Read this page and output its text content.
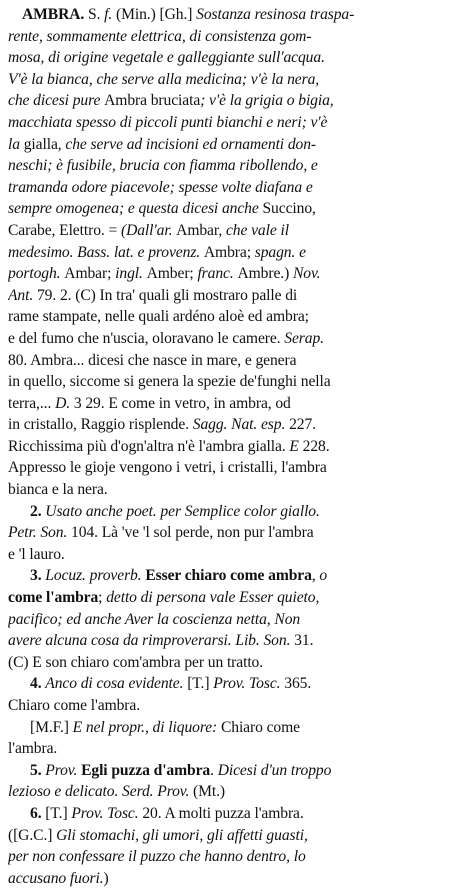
AMBRA. S. f. (Min.) [Gh.] Sostanza resinosa traspa-
rente, sommamente elettrica, di consistenza gom-
mosa, di origine vegetale e galleggiante sull'acqua.
V'è la bianca, che serve alla medicina; v'è la nera,
che dicesi pure Ambra bruciata; v'è la grigia o bigia,
macchiata spesso di piccoli punti bianchi e neri; v'è
la gialla, che serve ad incisioni ed ornamenti don-
neschi; è fusibile, brucia con fiamma ribollendo, e
tramanda odore piacevole; spesse volte diafana e
sempre omogenea; e questa dicesi anche Succino,
Carabe, Elettro. = (Dall'ar. Ambar, che vale il
medesimo. Bass. lat. e provenz. Ambra; spagn. e
portogh. Ambar; ingl. Amber; franc. Ambre.) Nov.
Ant. 79. 2. (C) In tra' quali gli mostraro palle di
rame stampate, nelle quali ardéno aloè ed ambra;
e del fumo che n'uscia, oloravano le camere. Serap.
80. Ambra... dicesi che nasce in mare, e genera
in quello, siccome si genera la spezie de'funghi nella
terra,... D. 3 29. E come in vetro, in ambra, od
in cristallo, Raggio risplende. Sagg. Nat. esp. 227.
Ricchissima più d'ogn'altra n'è l'ambra gialla. E 228.
Appresso le gioje vengono i vetri, i cristalli, l'ambra
bianca e la nera.
2. Usato anche poet. per Semplice color giallo.
Petr. Son. 104. Là 've 'l sol perde, non pur l'ambra
e 'l lauro.
3. Locuz. proverb. Esser chiaro come ambra, o
come l'ambra; detto di persona vale Esser quieto,
pacifico; ed anche Aver la coscienza netta, Non
avere alcuna cosa da rimproverarsi. Lib. Son. 31.
(C) E son chiaro com'ambra per un tratto.
4. Anco di cosa evidente. [T.] Prov. Tosc. 365.
Chiaro come l'ambra.
[M.F.] E nel propr., di liquore: Chiaro come
l'ambra.
5. Prov. Egli puzza d'ambra. Dicesi d'un troppo
lezioso e delicato. Serd. Prov. (Mt.)
6. [T.] Prov. Tosc. 20. A molti puzza l'ambra.
([G.C.] Gli stomachi, gli umori, gli affetti guasti,
per non confessare il puzzo che hanno dentro, lo
accusano fuori.)
